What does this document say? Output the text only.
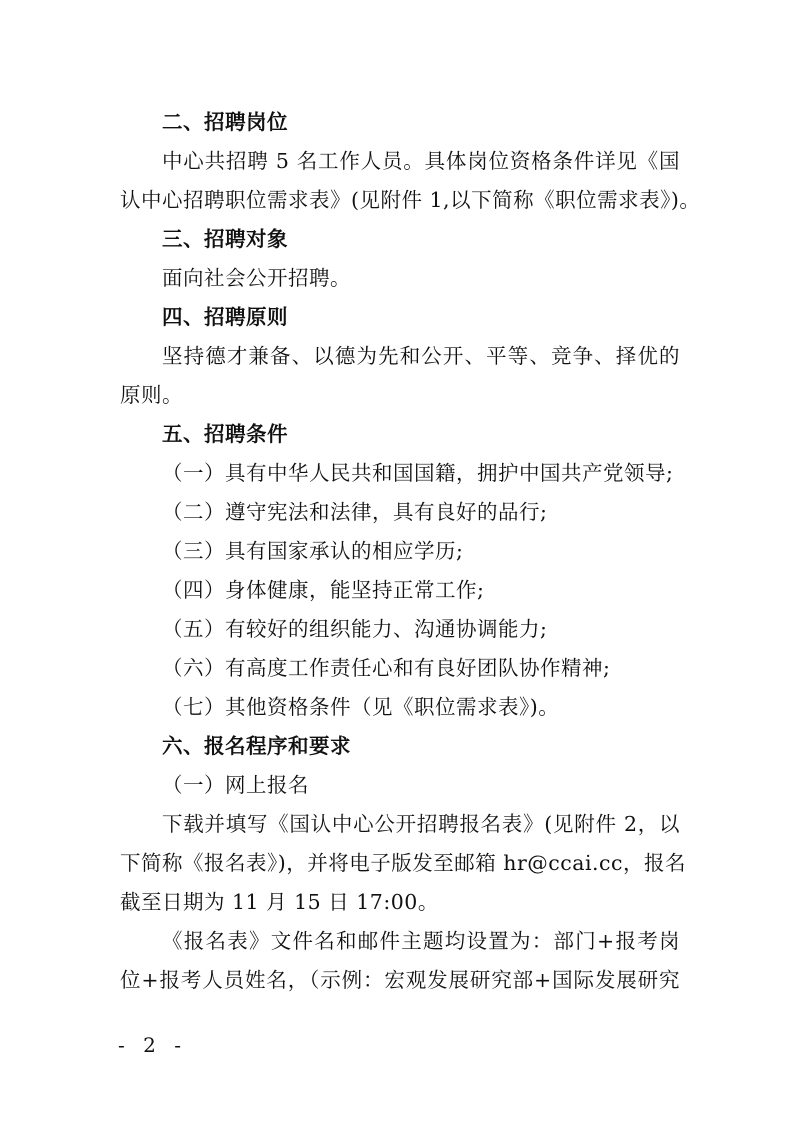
二、招聘岗位
中心共招聘 5 名工作人员。具体岗位资格条件详见《国
认中心招聘职位需求表》(见附件 1,以下简称《职位需求表》)。
三、招聘对象
面向社会公开招聘。
四、招聘原则
坚持德才兼备、以德为先和公开、平等、竞争、择优的
原则。
五、招聘条件
（一）具有中华人民共和国国籍，拥护中国共产党领导;
（二）遵守宪法和法律，具有良好的品行;
（三）具有国家承认的相应学历;
（四）身体健康，能坚持正常工作;
（五）有较好的组织能力、沟通协调能力;
（六）有高度工作责任心和有良好团队协作精神;
（七）其他资格条件（见《职位需求表》)。
六、报名程序和要求
（一）网上报名
下载并填写《国认中心公开招聘报名表》(见附件 2，以
下简称《报名表》)，并将电子版发至邮箱 hr@ccai.cc，报名
截至日期为 11 月 15 日 17:00。
《报名表》文件名和邮件主题均设置为：部门+报考岗
位+报考人员姓名，（示例：宏观发展研究部+国际发展研究
- 2 -
